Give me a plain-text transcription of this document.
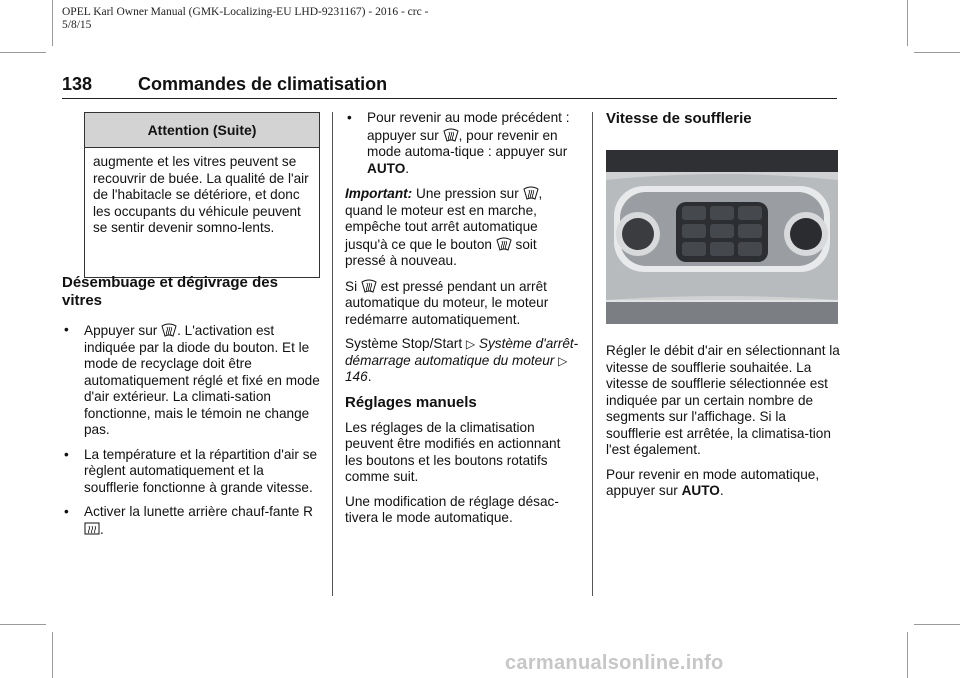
OPEL Karl Owner Manual (GMK-Localizing-EU LHD-9231167) - 2016 - crc -
5/8/15
138	Commandes de climatisation
Attention (Suite)
augmente et les vitres peuvent se recouvrir de buée. La qualité de l'air de l'habitacle se détériore, et donc les occupants du véhicule peuvent se sentir devenir somno-lents.
Désembuage et dégivrage des vitres
• Appuyer sur . L'activation est indiquée par la diode du bouton. Et le mode de recyclage doit être automatiquement réglé et fixé en mode d'air extérieur. La climati-sation fonctionne, mais le témoin ne change pas.
• La température et la répartition d'air se règlent automatiquement et la soufflerie fonctionne à grande vitesse.
• Activer la lunette arrière chauf-fante R .
• Pour revenir au mode précédent : appuyer sur , pour revenir en mode automa-tique : appuyer sur AUTO.

Important: Une pression sur , quand le moteur est en marche, empêche tout arrêt automatique jusqu'à ce que le bouton soit pressé à nouveau.

Si est pressé pendant un arrêt automatique du moteur, le moteur redémarre automatiquement.

Système Stop/Start ▷ Système d'arrêt-démarrage automatique du moteur ▷ 146.

Réglages manuels

Les réglages de la climatisation peuvent être modifiés en actionnant les boutons et les boutons rotatifs comme suit.

Une modification de réglage désac-tivera le mode automatique.

Vitesse de soufflerie

Régler le débit d'air en sélectionnant la vitesse de soufflerie souhaitée. La vitesse de soufflerie sélectionnée est indiquée par un certain nombre de segments sur l'affichage. Si la soufflerie est arrêtée, la climatisa-tion l'est également.

Pour revenir en mode automatique, appuyer sur AUTO.

carmanualsonline.info
